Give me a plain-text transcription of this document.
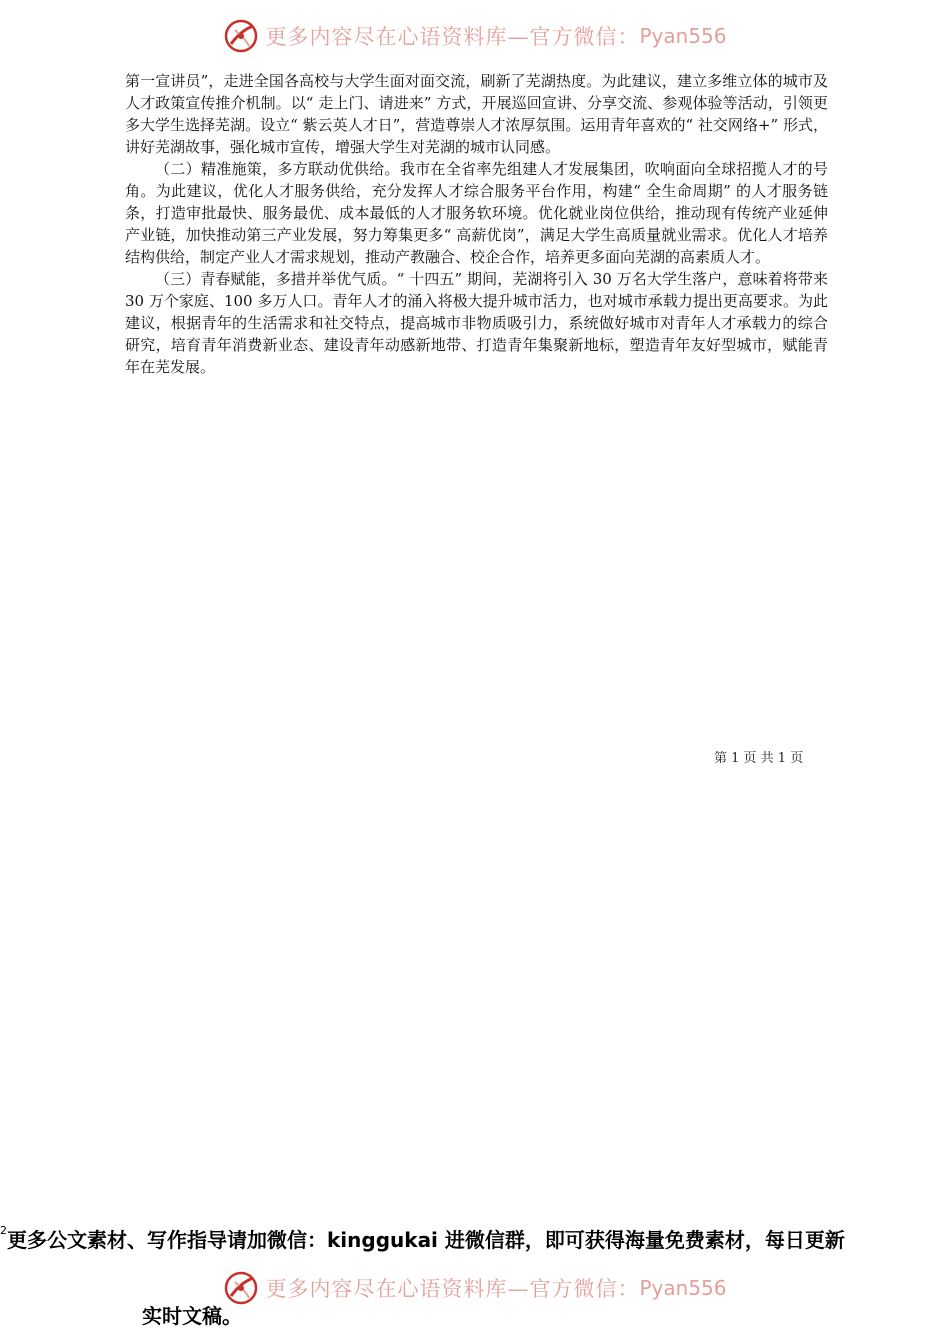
更多内容尽在心语资料库—官方微信： Pyan556

第一宣讲员”，走进全国各高校与大学生面对面交流，刷新了芜湖热度。为此建议，建立多维立体的城市及人才政策宣传推介机制。以“ 走上门、请进来” 方式，开展巡回宣讲、分享交流、参观体验等活动，引领更多大学生选择芜湖。设立“ 紫云英人才日”，营造尊崇人才浓厚氛围。运用青年喜欢的“ 社交网络+” 形式，讲好芜湖故事，强化城市宣传，增强大学生对芜湖的城市认同感。

（二）精准施策，多方联动优供给。我市在全省率先组建人才发展集团，吹响面向全球招揽人才的号角。为此建议，优化人才服务供给，充分发挥人才综合服务平台作用，构建“ 全生命周期” 的人才服务链条，打造审批最快、服务最优、成本最低的人才服务软环境。优化就业岗位供给，推动现有传统产业延伸产业链，加快推动第三产业发展，努力筹集更多“ 高薪优岗”，满足大学生高质量就业需求。优化人才培养结构供给，制定产业人才需求规划，推动产教融合、校企合作，培养更多面向芜湖的高素质人才。

（三）青春赋能，多措并举优气质。“ 十四五” 期间，芜湖将引入 30 万名大学生落户，意味着将带来 30 万个家庭、100 多万人口。青年人才的涌入将极大提升城市活力，也对城市承载力提出更高要求。为此建议，根据青年的生活需求和社交特点，提高城市非物质吸引力，系统做好城市对青年人才承载力的综合研究，培育青年消费新业态、建设青年动感新地带、打造青年集聚新地标，塑造青年友好型城市，赋能青年在芜发展。

第 1 页 共 1 页
$^2$更多公文素材、写作指导请加微信：kinggukai 进微信群，即可获得海量免费素材，每日更新
更多内容尽在心语资料库—官方微信： Pyan556
实时文稿。
